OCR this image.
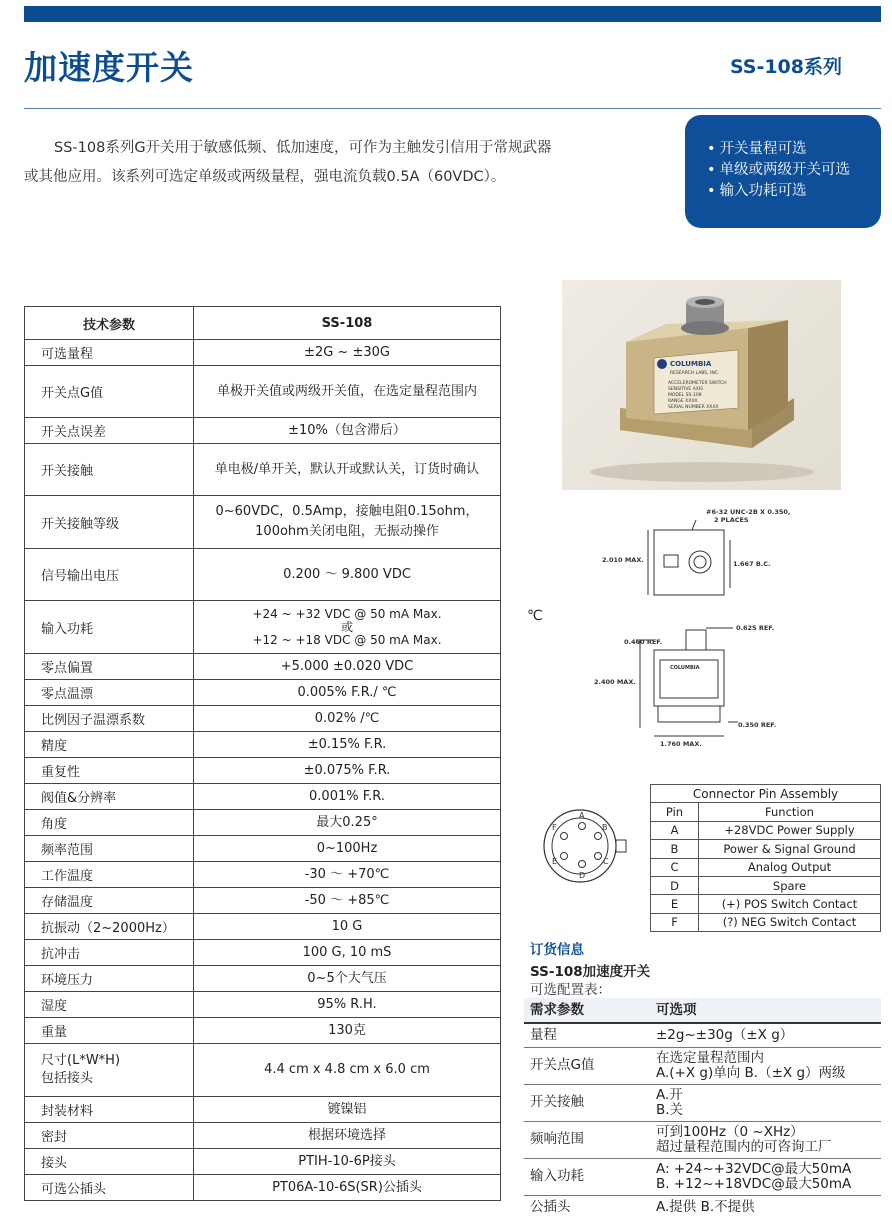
加速度开关	SS-108系列
SS-108系列G开关用于敏感低频、低加速度，可作为主触发引信用于常规武器
或其他应用。该系列可选定单级或两级量程，强电流负载0.5A（60VDC）。
• 开关量程可选
• 单级或两级开关可选
• 输入功耗可选
技术参数	SS-108
可选量程	±2G ~ ±30G
开关点G值	单极开关值或两级开关值，在选定量程范围内
开关点误差	±10%（包含滞后）
开关接触	单电极/单开关，默认开或默认关，订货时确认
开关接触等级	0~60VDC，0.5Amp，接触电阻0.15ohm，
100ohm关闭电阻，无振动操作

信号输出电压	0.200 ～ 9.800 VDC
输入功耗	+24 ~ +32 VDC @ 50 mA Max.
或
+12 ~ +18 VDC @ 50 mA Max.

零点偏置	+5.000 ±0.020 VDC
零点温漂	0.005% F.R./ ℃
比例因子温漂系数	0.02% /℃
精度	±0.15% F.R.
重复性	±0.075% F.R.
阀值&分辨率	0.001% F.R.
角度	最大0.25°
频率范围	0~100Hz
工作温度	-30 ～ +70℃
存储温度	-50 ～ +85℃
抗振动（2~2000Hz）	10 G
抗冲击	100 G, 10 mS
环境压力	0~5个大气压
湿度	95% R.H.
重量	130克

尺寸(L*W*H)
包括接头	4.4 cm x 4.8 cm x 6.0 cm
封装材料	镀镍铝
密封	根据环境选择
接头	PTIH-10-6P接头
可选公插头	PT06A-10-6S(SR)公插头
COLUMBIA
RESEARCH LABS, INC.
ACCELEROMETER SWITCH
SENSITIVE AXIS
MODEL SS-108
RANGE XXXX
SERIAL NUMBER XXXX
#6-32 UNC-2B X 0.350,
2 PLACES
2.010 MAX.	1.667 B.C.
0.460 REF.
0.625 REF.
2.400 MAX.
0.350 REF.
1.760 MAX.
COLUMBIA
℃
A
B
C
D
E
F
Connector Pin Assembly	
Pin	Function
A	+28VDC Power Supply
B	Power & Signal Ground
C	Analog Output
D	Spare
E	(+) POS Switch Contact
F	(?) NEG Switch Contact
订货信息
SS-108加速度开关
可选配置表：
需求参数	可选项
量程	±2g~±30g（±X g）
开关点G值	在选定量程范围内
A.(+X g)单向 B.（±X g）两级

开关接触	A.开
B.关

频响范围	可到100Hz（0 ~XHz）
超过量程范围内的可咨询工厂

输入功耗	A: +24~+32VDC@最大50mA
B. +12~+18VDC@最大50mA

公插头	A.提供 B.不提供
